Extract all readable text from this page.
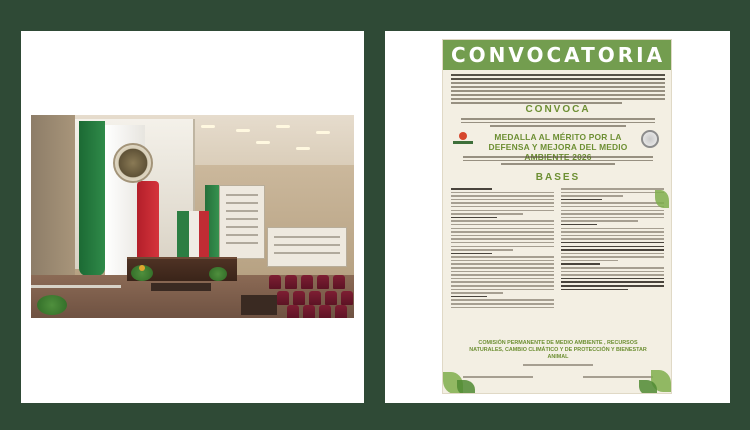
CONVOCATORIA
CONVOCA
MEDALLA AL MÉRITO POR LA DEFENSA Y MEJORA DEL MEDIO
BASES
COMISIÓN PERMANENTE DE MEDIO AMBIENTE , RECURSOS NATURALES, CAMBIO CLIMÁTICO Y DE PROTECCIÓN Y BIENESTAR ANIMAL
